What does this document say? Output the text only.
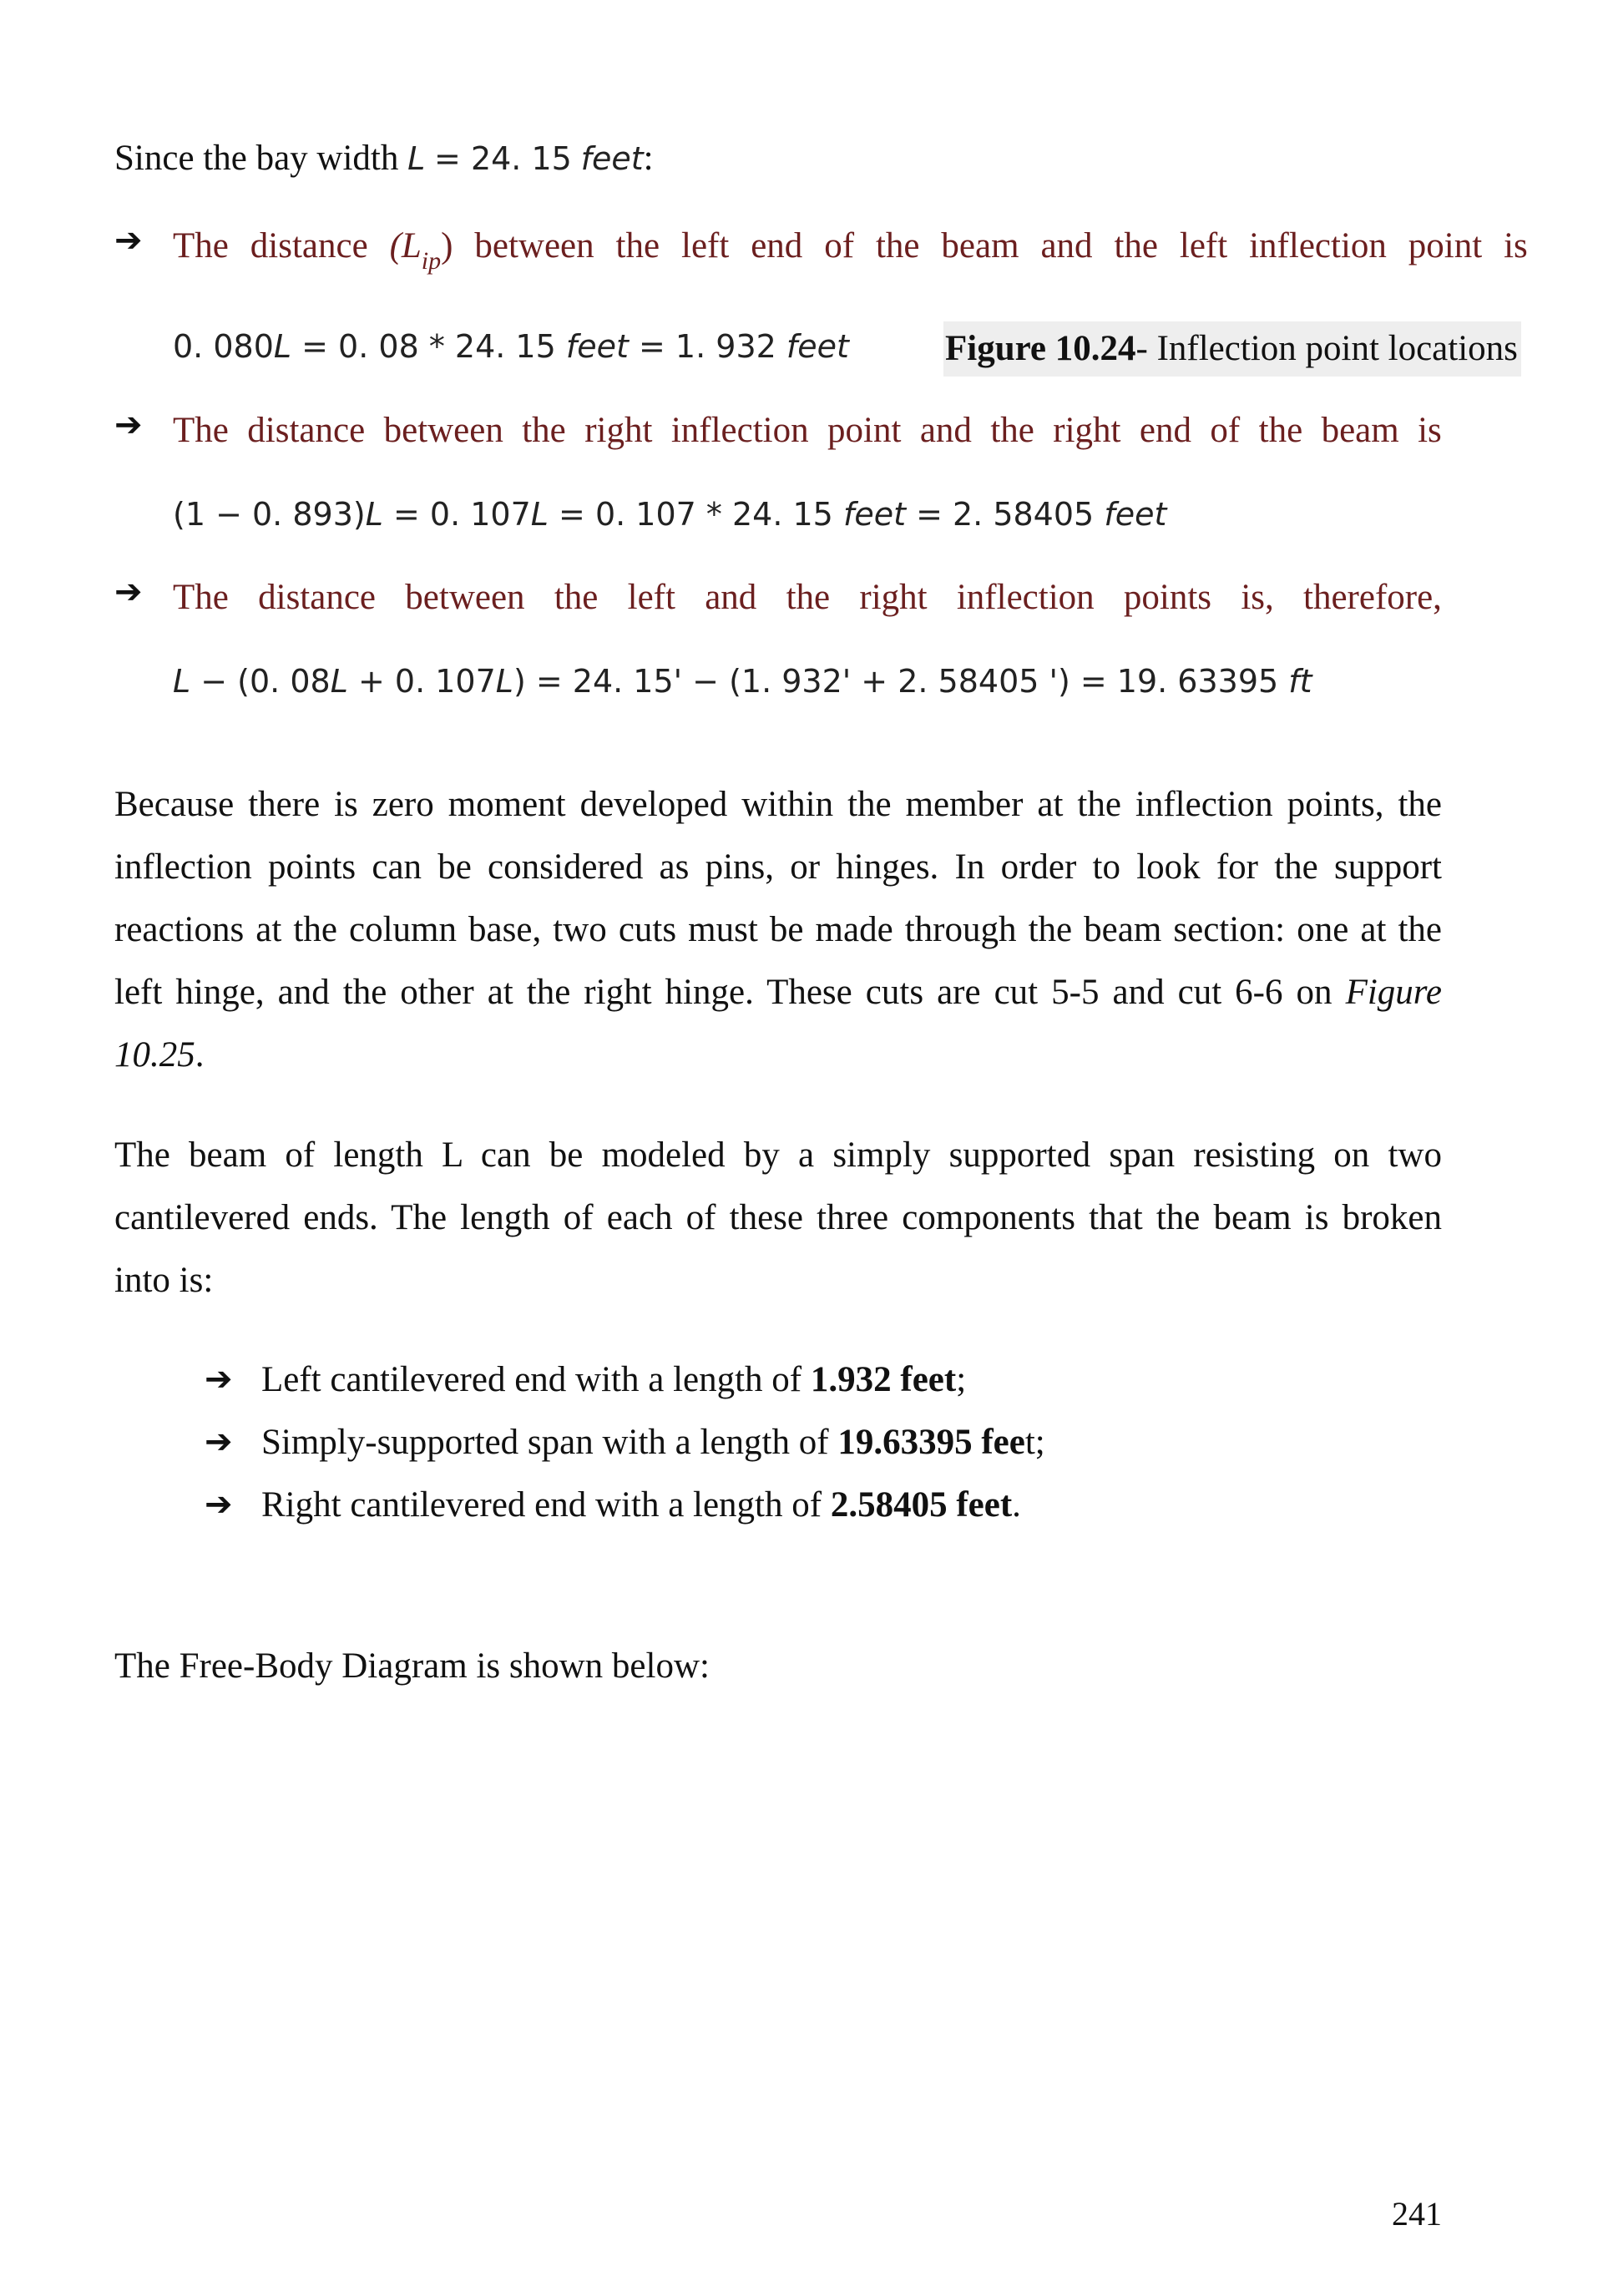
Since the bay width L = 24. 15 feet:
➔ The distance $(L_{ip})$ between the left end of the beam and the left inflection point is
0. 080L = 0. 08 * 24. 15 feet = 1. 932 feet	Figure 10.24- Inflection point locations
➔ The distance between the right inflection point and the right end of the beam is
(1 − 0. 893)L = 0. 107L = 0. 107 * 24. 15 feet = 2. 58405 feet
➔ The distance between the left and the right inflection points is, therefore,
L − (0. 08L + 0. 107L) = 24. 15' − (1. 932' + 2. 58405 ') = 19. 63395 ft
Because there is zero moment developed within the member at the inflection points, the inflection points can be considered as pins, or hinges. In order to look for the support reactions at the column base, two cuts must be made through the beam section: one at the left hinge, and the other at the right hinge. These cuts are cut 5-5 and cut 6-6 on Figure 10.25.
The beam of length L can be modeled by a simply supported span resisting on two cantilevered ends. The length of each of these three components that the beam is broken into is:
➔ Left cantilevered end with a length of 1.932 feet;
➔ Simply-supported span with a length of 19.63395 feet;
➔ Right cantilevered end with a length of 2.58405 feet.
The Free-Body Diagram is shown below:
241
